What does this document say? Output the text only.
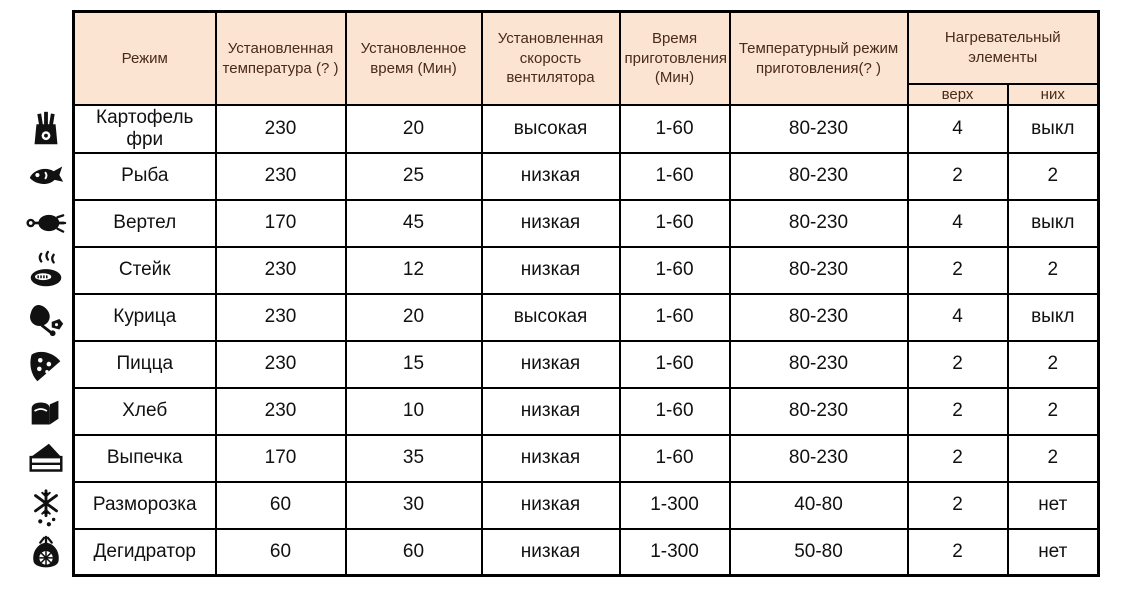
Режим	Установленная температура (? )	Установленное время (Мин)	Установленная скорость вентилятора	Время приготовления (Мин)	Температурный режим приготовления(? )	Нагревательный элементы	
						верх	них
Картофель фри	230	20	высокая	1-60	80-230	4	выкл
Рыба	230	25	низкая	1-60	80-230	2	2
Вертел	170	45	низкая	1-60	80-230	4	выкл
Стейк	230	12	низкая	1-60	80-230	2	2
Курица	230	20	высокая	1-60	80-230	4	выкл
Пицца	230	15	низкая	1-60	80-230	2	2
Хлеб	230	10	низкая	1-60	80-230	2	2
Выпечка	170	35	низкая	1-60	80-230	2	2
Разморозка	60	30	низкая	1-300	40-80	2	нет
Дегидратор	60	60	низкая	1-300	50-80	2	нет
